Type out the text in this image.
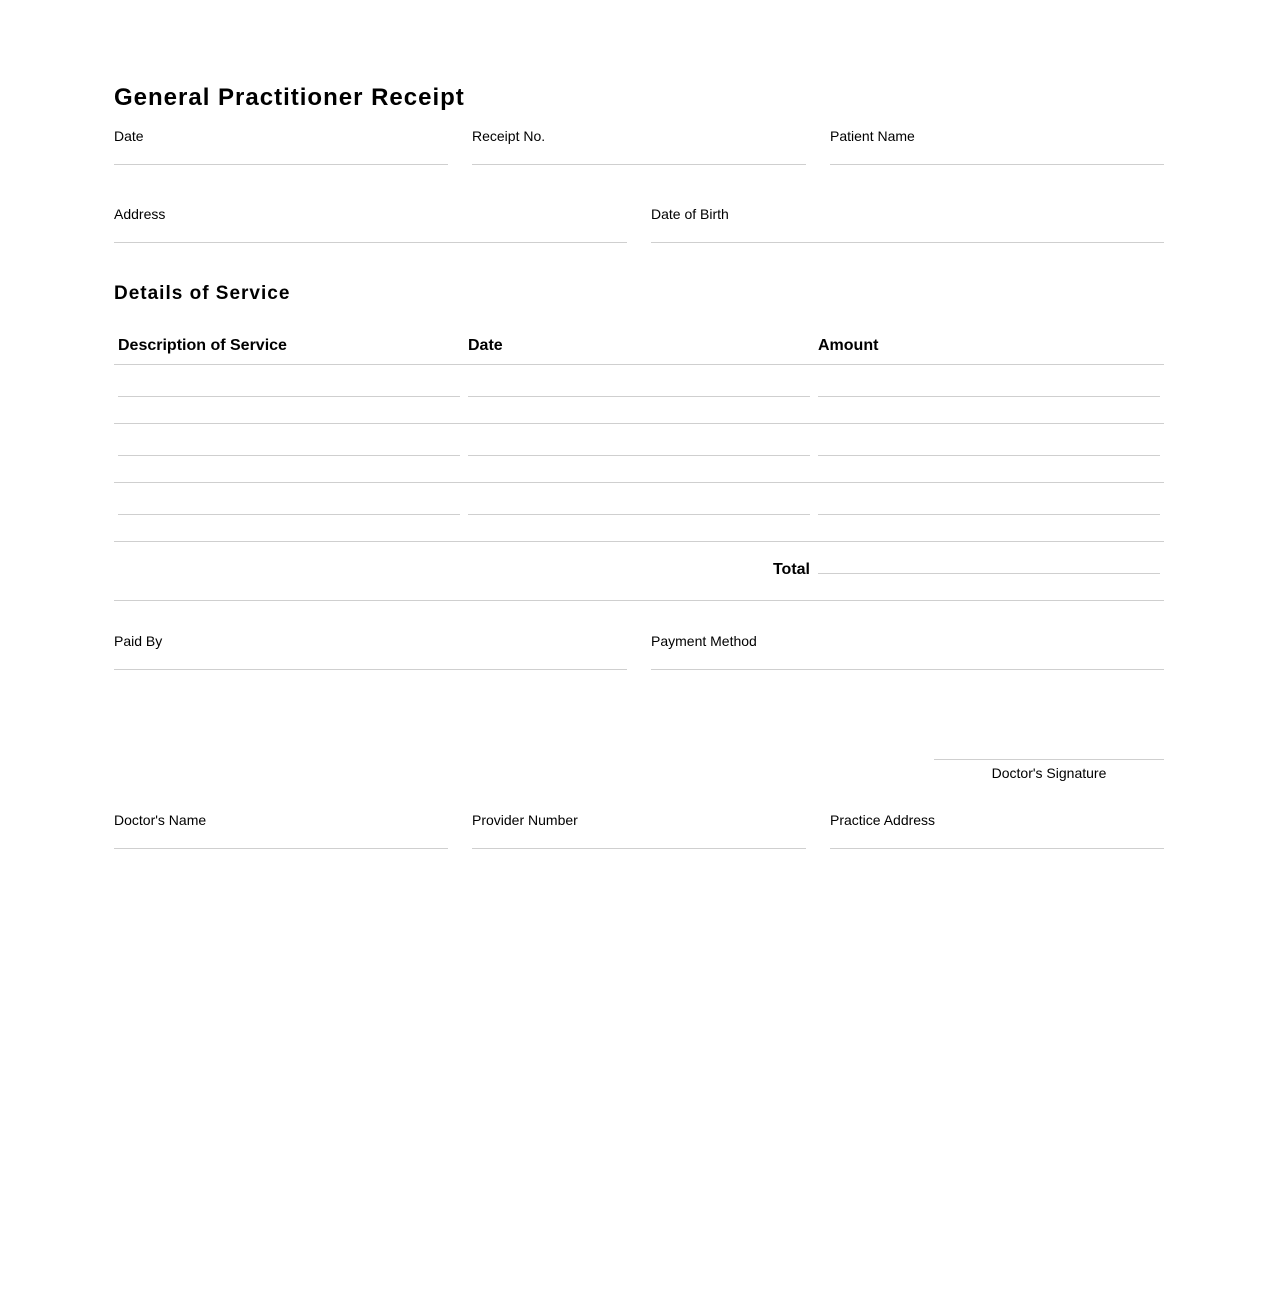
General Practitioner Receipt
Date	Receipt No.	Patient Name
Address	Date of Birth
Details of Service
Description of Service	Date	Amount
Total
Paid By	Payment Method
Doctor's Signature
Doctor's Name	Provider Number	Practice Address
